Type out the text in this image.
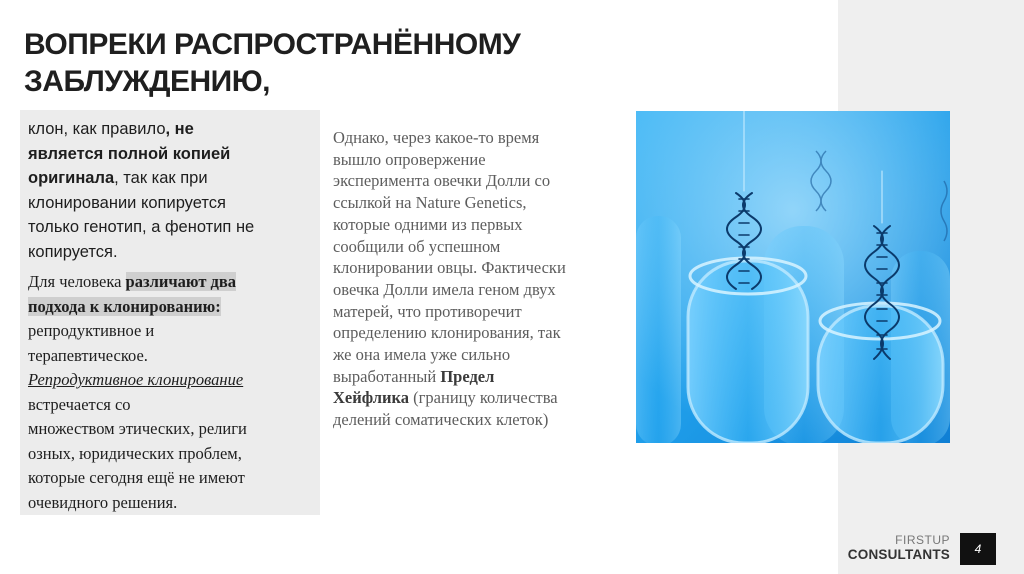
ВОПРЕКИ РАСПРОСТРАНЁННОМУ
ЗАБЛУЖДЕНИЮ,
клон, как правило, не
является полной копией
оригинала, так как при
клонировании копируется
только генотип, а фенотип не
копируется.
Для человека различают два
подхода к клонированию:
репродуктивное и
терапевтическое.
Репродуктивное клонирование
встречается со
множеством этических, религи
озных, юридических проблем,
которые сегодня ещё не имеют
очевидного решения.
Однако, через какое-то время
вышло опровержение
эксперимента овечки Долли со
ссылкой на Nature Genetics,
которые одними из первых
сообщили об успешном
клонировании овцы. Фактически
овечка Долли имела геном двух
матерей, что противоречит
определению клонирования, так
же она имела уже сильно
выработанный Предел
Хейфлика (границу количества
делений соматических клеток)
FIRSTUP
CONSULTANTS	4
